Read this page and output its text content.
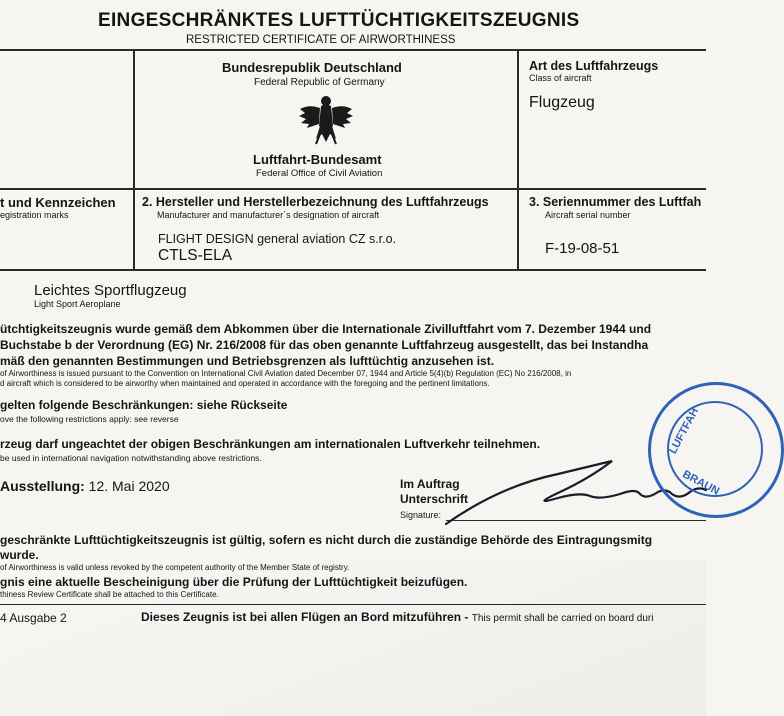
EINGESCHRÄNKTES LUFTTÜCHTIGKEITSZEUGNIS
RESTRICTED CERTIFICATE OF AIRWORTHINESS
Bundesrepublik Deutschland
Federal Republic of Germany
Luftfahrt-Bundesamt
Federal Office of Civil Aviation
Art des Luftfahrzeugs
Class of aircraft
Flugzeug
t und Kennzeichen
egistration marks
2. Hersteller und Herstellerbezeichnung des Luftfahrzeugs
Manufacturer and manufacturer´s designation of aircraft
FLIGHT DESIGN general aviation CZ s.r.o.
CTLS-ELA
3. Seriennummer des Luftfah
Aircraft serial number
F-19-08-51
Leichtes Sportflugzeug
Light Sport Aeroplane
ütchtigkeitszeugnis wurde gemäß dem Abkommen über die Internationale Zivilluftfahrt vom 7. Dezember 1944 und
Buchstabe b der Verordnung (EG) Nr. 216/2008 für das oben genannte Luftfahrzeug ausgestellt, das bei Instandha
mäß den genannten Bestimmungen und Betriebsgrenzen als lufttüchtig anzusehen ist.
of Airworthiness is issued pursuant to the Convention on International Civil Aviation dated December 07, 1944 and Article 5(4)(b) Regulation (EC) No 216/2008, in
d aircraft which is considered to be airworthy when maintained and operated in accordance with the foregoing and the pertinent limitations.
gelten folgende Beschränkungen: siehe Rückseite
ove the following restrictions apply: see reverse
rzeug darf ungeachtet der obigen Beschränkungen am internationalen Luftverkehr teilnehmen.
be used in international navigation notwithstanding above restrictions.
Ausstellung: 12. Mai 2020	Im Auftrag
Unterschrift
Signature:
LUFTFAH
BRAUN
geschränkte Lufttüchtigkeitszeugnis ist gültig, sofern es nicht durch die zuständige Behörde des Eintragungsmitg
wurde.
of Airworthiness is valid unless revoked by the competent authority of the Member State of registry.
gnis eine aktuelle Bescheinigung über die Prüfung der Lufttüchtigkeit beizufügen.
thiness Review Certificate shall be attached to this Certificate.
4 Ausgabe 2	Dieses Zeugnis ist bei allen Flügen an Bord mitzuführen - This permit shall be carried on board duri
